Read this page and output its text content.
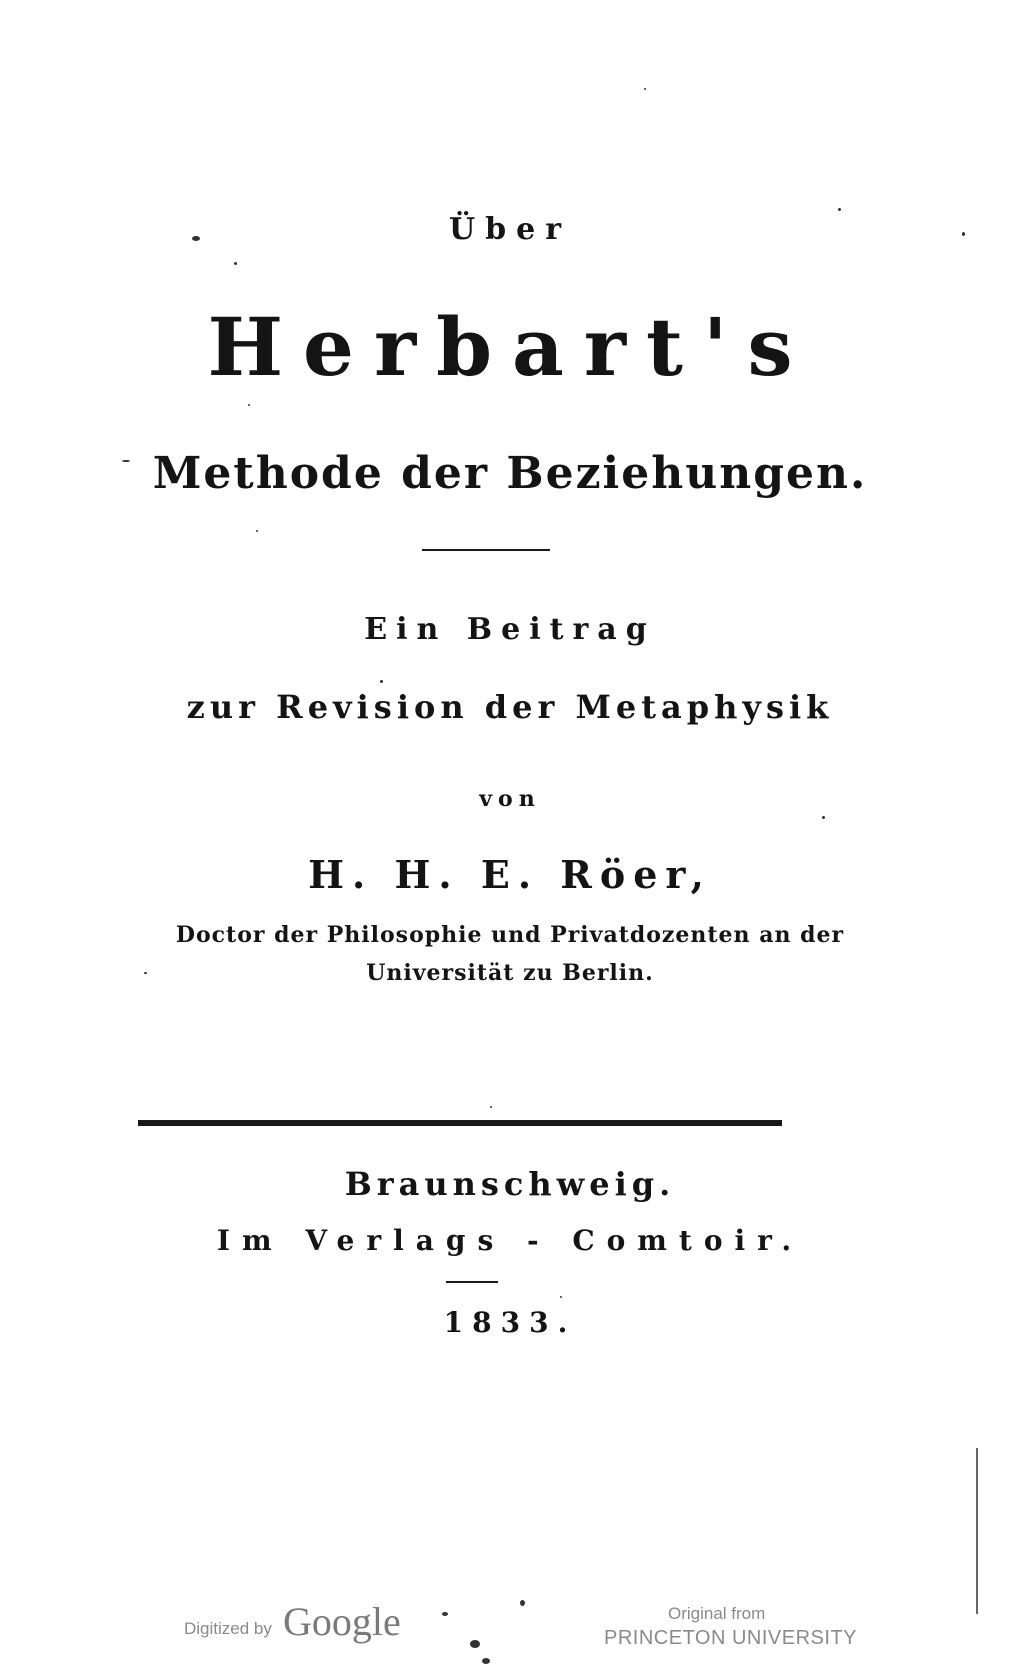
Über
Herbart's
Methode der Beziehungen.
Ein Beitrag
zur Revision der Metaphysik
von
H. H. E. Röer,
Doctor der Philosophie und Privatdozenten an der
Universität zu Berlin.
Braunschweig.
Im Verlags - Comtoir.
1833.
Digitized by Google	Original from
PRINCETON UNIVERSITY
